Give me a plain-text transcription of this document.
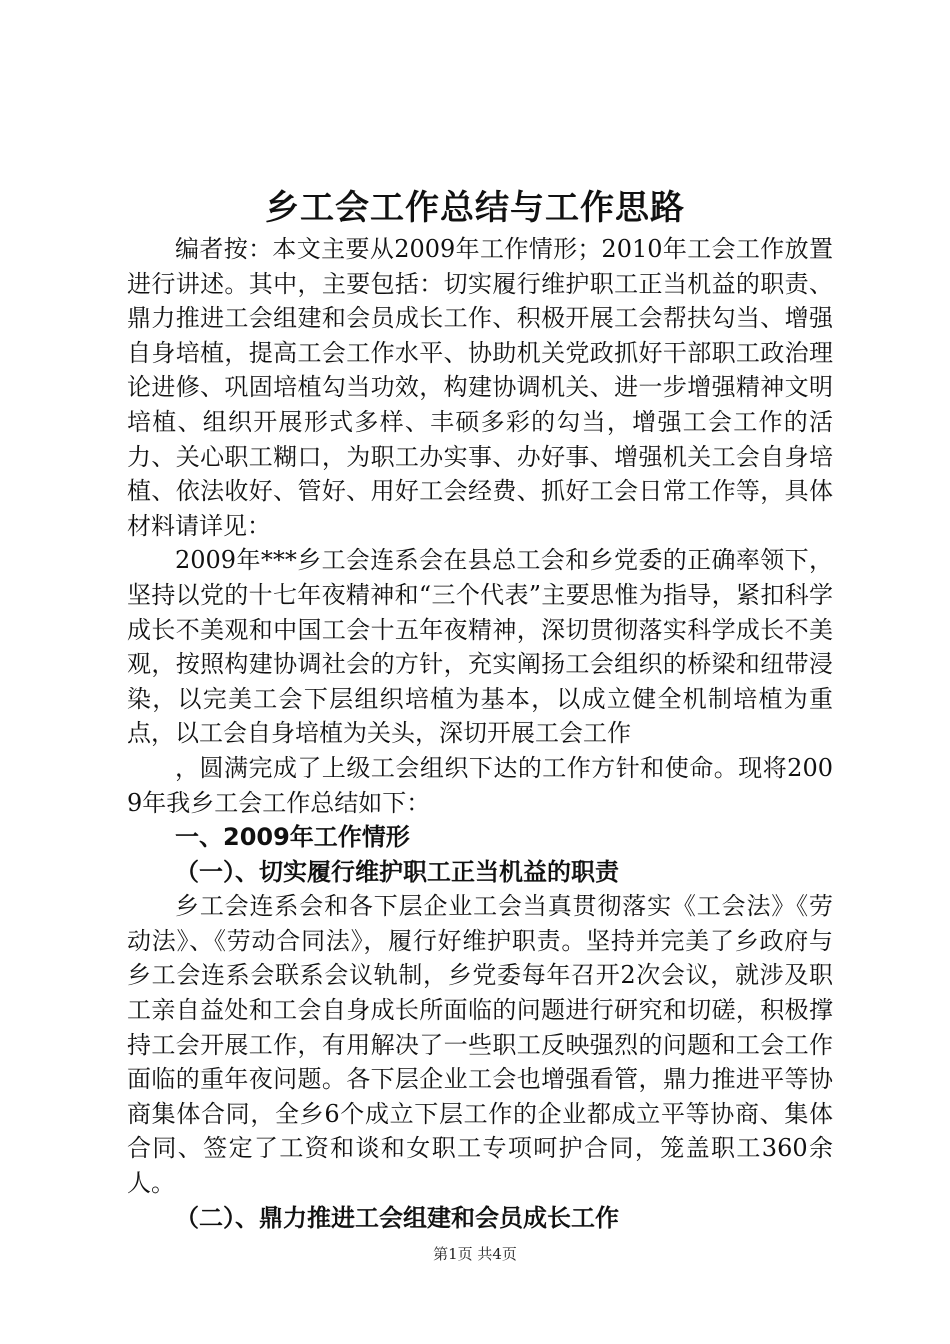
乡工会工作总结与工作思路

编者按：本文主要从2009年工作情形；2010年工会工作放置进行讲述。其中，主要包括：切实履行维护职工正当机益的职责、鼎力推进工会组建和会员成长工作、积极开展工会帮扶勾当、增强自身培植，提高工会工作水平、协助机关党政抓好干部职工政治理论进修、巩固培植勾当功效，构建协调机关、进一步增强精神文明培植、组织开展形式多样、丰硕多彩的勾当，增强工会工作的活力、关心职工糊口，为职工办实事、办好事、增强机关工会自身培植、依法收好、管好、用好工会经费、抓好工会日常工作等，具体材料请详见：

2009年***乡工会连系会在县总工会和乡党委的正确率领下，坚持以党的十七年夜精神和“三个代表”主要思惟为指导，紧扣科学成长不美观和中国工会十五年夜精神，深切贯彻落实科学成长不美观，按照构建协调社会的方针，充实阐扬工会组织的桥梁和纽带浸染，以完美工会下层组织培植为基本，以成立健全机制培植为重点，以工会自身培植为关头，深切开展工会工作

，圆满完成了上级工会组织下达的工作方针和使命。现将2009年我乡工会工作总结如下：

一、2009年工作情形
（一）、切实履行维护职工正当机益的职责

乡工会连系会和各下层企业工会当真贯彻落实《工会法》《劳动法》、《劳动合同法》，履行好维护职责。坚持并完美了乡政府与乡工会连系会联系会议轨制，乡党委每年召开2次会议，就涉及职工亲自益处和工会自身成长所面临的问题进行研究和切磋，积极撑持工会开展工作，有用解决了一些职工反映强烈的问题和工会工作面临的重年夜问题。各下层企业工会也增强看管，鼎力推进平等协商集体合同，全乡6个成立下层工作的企业都成立平等协商、集体合同、签定了工资和谈和女职工专项呵护合同，笼盖职工360余人。

（二）、鼎力推进工会组建和会员成长工作
第1页 共4页
